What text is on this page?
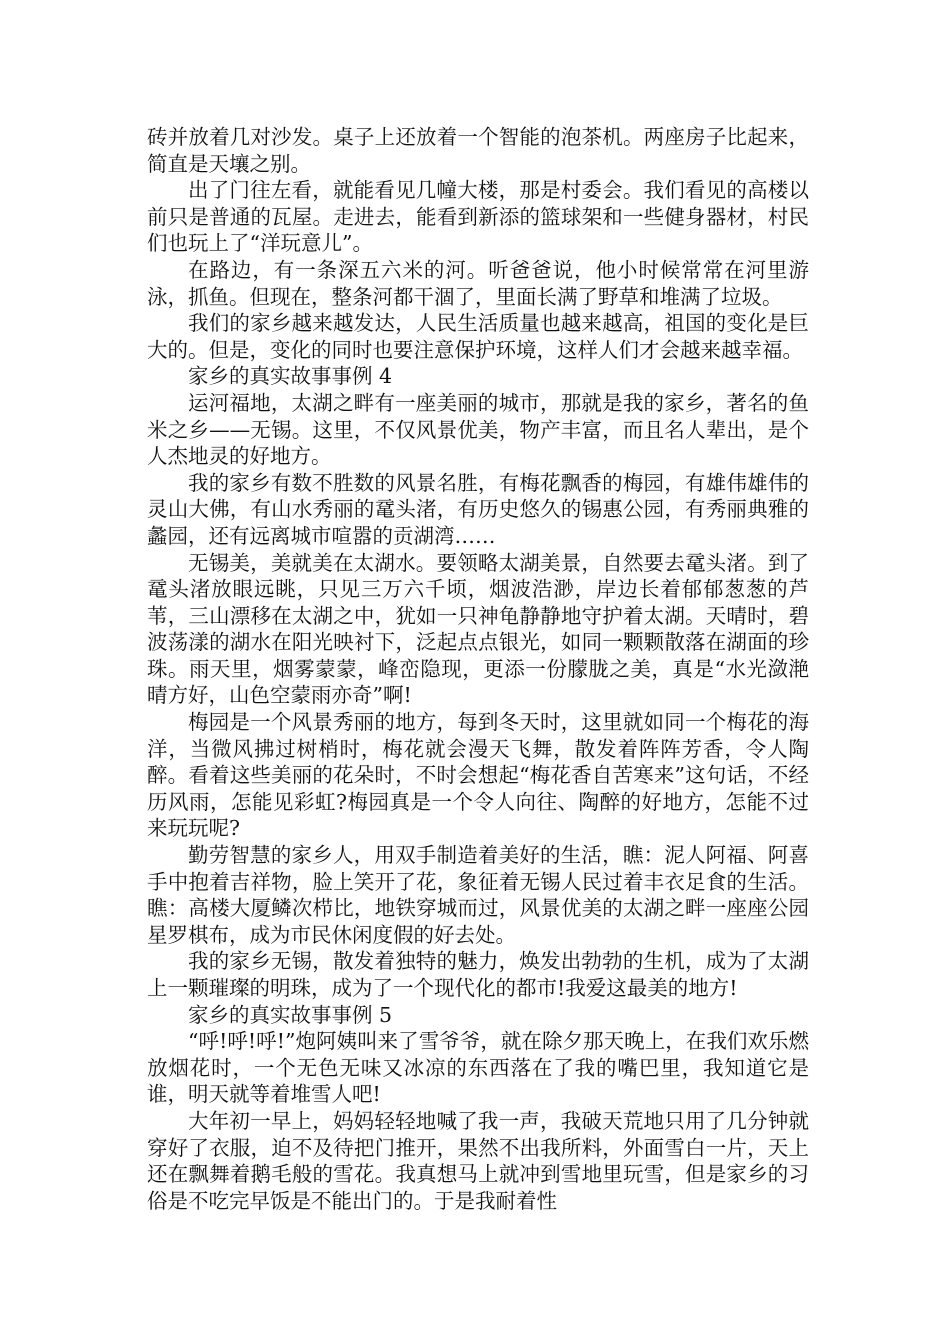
砖并放着几对沙发。桌子上还放着一个智能的泡茶机。两座房子比起来，简直是天壤之别。

出了门往左看，就能看见几幢大楼，那是村委会。我们看见的高楼以前只是普通的瓦屋。走进去，能看到新添的篮球架和一些健身器材，村民们也玩上了“洋玩意儿”。

在路边，有一条深五六米的河。听爸爸说，他小时候常常在河里游泳，抓鱼。但现在，整条河都干涸了，里面长满了野草和堆满了垃圾。

我们的家乡越来越发达，人民生活质量也越来越高，祖国的变化是巨大的。但是，变化的同时也要注意保护环境，这样人们才会越来越幸福。

家乡的真实故事事例 4

运河福地，太湖之畔有一座美丽的城市，那就是我的家乡，著名的鱼米之乡——无锡。这里，不仅风景优美，物产丰富，而且名人辈出，是个人杰地灵的好地方。

我的家乡有数不胜数的风景名胜，有梅花飘香的梅园，有雄伟雄伟的灵山大佛，有山水秀丽的鼋头渚，有历史悠久的锡惠公园，有秀丽典雅的蠡园，还有远离城市喧嚣的贡湖湾……

无锡美，美就美在太湖水。要领略太湖美景，自然要去鼋头渚。到了鼋头渚放眼远眺，只见三万六千顷，烟波浩渺，岸边长着郁郁葱葱的芦苇，三山漂移在太湖之中，犹如一只神龟静静地守护着太湖。天晴时，碧波荡漾的湖水在阳光映衬下，泛起点点银光，如同一颗颗散落在湖面的珍珠。雨天里，烟雾蒙蒙，峰峦隐现，更添一份朦胧之美，真是“水光潋滟晴方好，山色空蒙雨亦奇”啊!

梅园是一个风景秀丽的地方，每到冬天时，这里就如同一个梅花的海洋，当微风拂过树梢时，梅花就会漫天飞舞，散发着阵阵芳香，令人陶醉。看着这些美丽的花朵时，不时会想起“梅花香自苦寒来”这句话，不经历风雨，怎能见彩虹?梅园真是一个令人向往、陶醉的好地方，怎能不过来玩玩呢?

勤劳智慧的家乡人，用双手制造着美好的生活，瞧：泥人阿福、阿喜手中抱着吉祥物，脸上笑开了花，象征着无锡人民过着丰衣足食的生活。瞧：高楼大厦鳞次栉比，地铁穿城而过，风景优美的太湖之畔一座座公园星罗棋布，成为市民休闲度假的好去处。

我的家乡无锡，散发着独特的魅力，焕发出勃勃的生机，成为了太湖上一颗璀璨的明珠，成为了一个现代化的都市!我爱这最美的地方!

家乡的真实故事事例 5

“呼!呼!呼!”炮阿姨叫来了雪爷爷，就在除夕那天晚上，在我们欢乐燃放烟花时，一个无色无味又冰凉的东西落在了我的嘴巴里，我知道它是谁，明天就等着堆雪人吧!

大年初一早上，妈妈轻轻地喊了我一声，我破天荒地只用了几分钟就穿好了衣服，迫不及待把门推开，果然不出我所料，外面雪白一片，天上还在飘舞着鹅毛般的雪花。我真想马上就冲到雪地里玩雪，但是家乡的习俗是不吃完早饭是不能出门的。于是我耐着性
